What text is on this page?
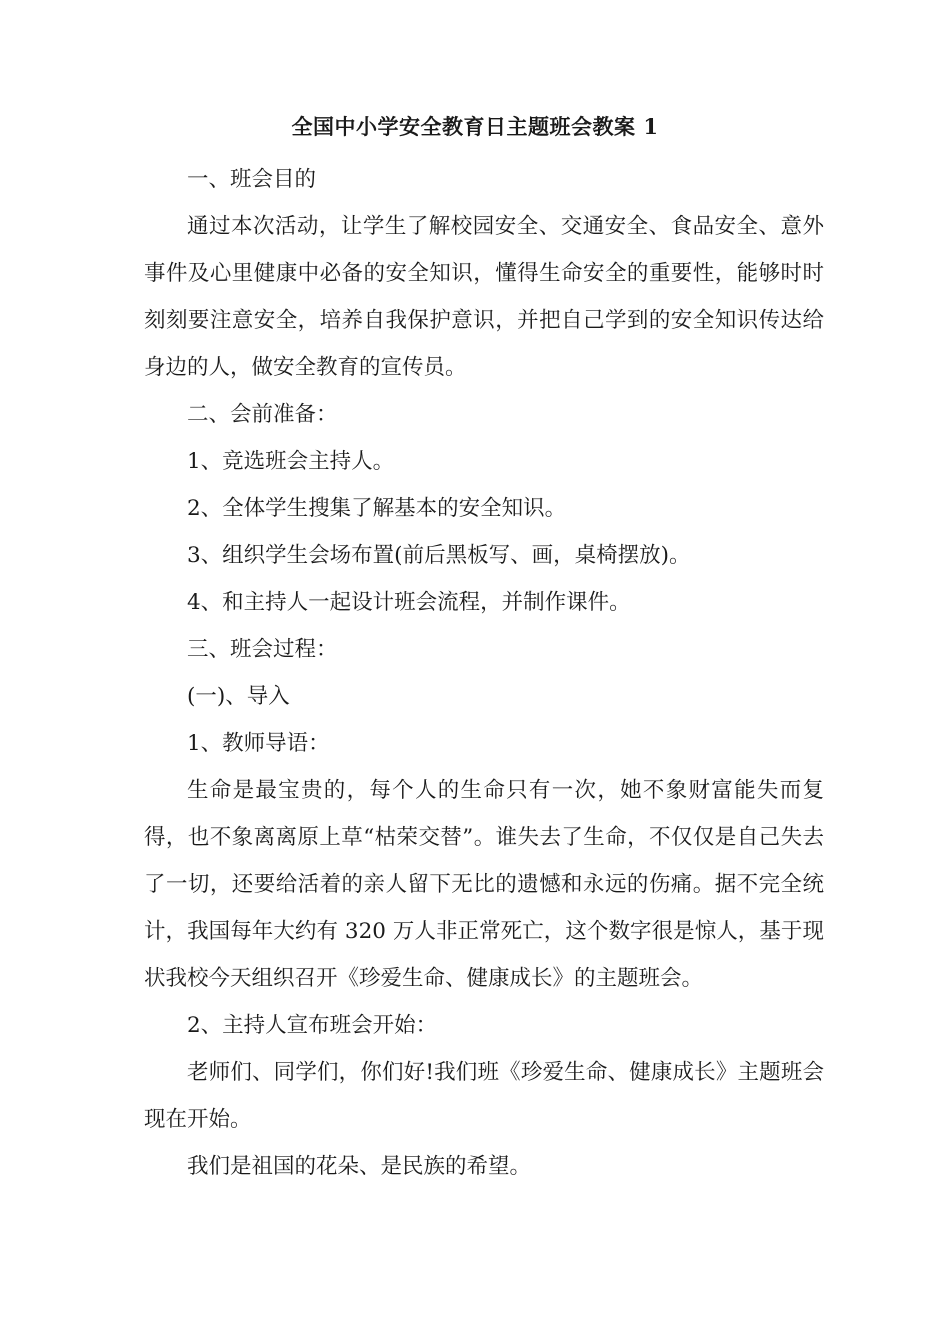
全国中小学安全教育日主题班会教案 1

一、班会目的

通过本次活动，让学生了解校园安全、交通安全、食品安全、意外事件及心里健康中必备的安全知识，懂得生命安全的重要性，能够时时刻刻要注意安全，培养自我保护意识，并把自己学到的安全知识传达给身边的人，做安全教育的宣传员。

二、会前准备：

1、竞选班会主持人。

2、全体学生搜集了解基本的安全知识。

3、组织学生会场布置(前后黑板写、画，桌椅摆放)。

4、和主持人一起设计班会流程，并制作课件。

三、班会过程：

(一)、导入

1、教师导语：

生命是最宝贵的，每个人的生命只有一次，她不象财富能失而复得，也不象离离原上草“枯荣交替”。谁失去了生命，不仅仅是自己失去了一切，还要给活着的亲人留下无比的遗憾和永远的伤痛。据不完全统计，我国每年大约有 320 万人非正常死亡，这个数字很是惊人，基于现状我校今天组织召开《珍爱生命、健康成长》的主题班会。

2、主持人宣布班会开始：

老师们、同学们，你们好!我们班《珍爱生命、健康成长》主题班会现在开始。

我们是祖国的花朵、是民族的希望。
